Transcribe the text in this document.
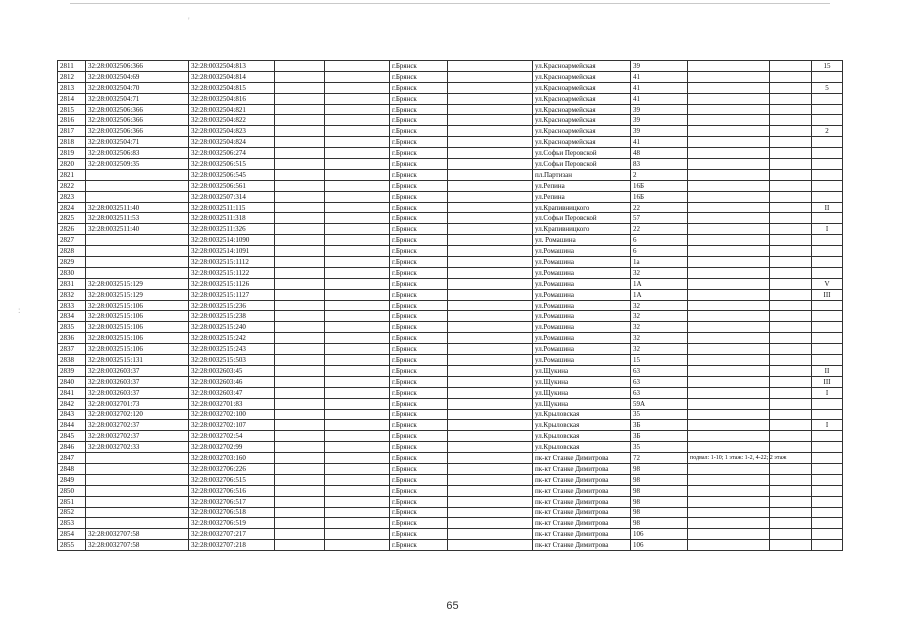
'
:
2811	32:28:0032506:366	32:28:0032504:813			г.Брянск		ул.Красноармейская	39			15
2812	32:28:0032504:69	32:28:0032504:814			г.Брянск		ул.Красноармейская	41			
2813	32:28:0032504:70	32:28:0032504:815			г.Брянск		ул.Красноармейская	41			5
2814	32:28:0032504:71	32:28:0032504:816			г.Брянск		ул.Красноармейская	41			
2815	32:28:0032506:366	32:28:0032504:821			г.Брянск		ул.Красноармейская	39			
2816	32:28:0032506:366	32:28:0032504:822			г.Брянск		ул.Красноармейская	39			
2817	32:28:0032506:366	32:28:0032504:823			г.Брянск		ул.Красноармейская	39			2
2818	32:28:0032504:71	32:28:0032504:824			г.Брянск		ул.Красноармейская	41			
2819	32:28:0032506:83	32:28:0032506:274			г.Брянск		ул.Софьи Перовской	48			
2820	32:28:0032509:35	32:28:0032506:515			г.Брянск		ул.Софьи Перовской	83			
2821		32:28:0032506:545			г.Брянск		пл.Партизан	2			
2822		32:28:0032506:561			г.Брянск		ул.Репина	16Б			
2823		32:28:0032507:314			г.Брянск		ул.Репина	16Б			
2824	32:28:0032511:40	32:28:0032511:115			г.Брянск		ул.Крапивницкого	22			II
2825	32:28:0032511:53	32:28:0032511:318			г.Брянск		ул.Софьи Перовской	57			
2826	32:28:0032511:40	32:28:0032511:326			г.Брянск		ул.Крапивницкого	22			I
2827		32:28:0032514:1090			г.Брянск		ул. Ромашина	6			
2828		32:28:0032514:1091			г.Брянск		ул.Ромашина	6			
2829		32:28:0032515:1112			г.Брянск		ул.Ромашина	1а			
2830		32:28:0032515:1122			г.Брянск		ул.Ромашина	32			
2831	32:28:0032515:129	32:28:0032515:1126			г.Брянск		ул.Ромашина	1А			V
2832	32:28:0032515:129	32:28:0032515:1127			г.Брянск		ул.Ромашина	1А			III
2833	32:28:0032515:106	32:28:0032515:236			г.Брянск		ул.Ромашина	32			
2834	32:28:0032515:106	32:28:0032515:238			г.Брянск		ул.Ромашина	32			
2835	32:28:0032515:106	32:28:0032515:240			г.Брянск		ул.Ромашина	32			
2836	32:28:0032515:106	32:28:0032515:242			г.Брянск		ул.Ромашина	32			
2837	32:28:0032515:106	32:28:0032515:243			г.Брянск		ул.Ромашина	32			
2838	32:28:0032515:131	32:28:0032515:503			г.Брянск		ул.Ромашина	15			
2839	32:28:0032603:37	32:28:0032603:45			г.Брянск		ул.Щукина	63			II
2840	32:28:0032603:37	32:28:0032603:46			г.Брянск		ул.Щукина	63			III
2841	32:28:0032603:37	32:28:0032603:47			г.Брянск		ул.Щукина	63			I
2842	32:28:0032701:73	32:28:0032701:83			г.Брянск		ул.Щукина	59А			
2843	32:28:0032702:120	32:28:0032702:100			г.Брянск		ул.Крыловская	35			
2844	32:28:0032702:37	32:28:0032702:107			г.Брянск		ул.Крыловская	3Б			I
2845	32:28:0032702:37	32:28:0032702:54			г.Брянск		ул.Крыловская	3Б			
2846	32:28:0032702:33	32:28:0032702:99			г.Брянск		ул.Крыловская	35			
2847		32:28:0032703:160			г.Брянск		пк-кт Станке Димитрова	72	подвал: 1-10; 1 этаж: 1-2, 4-22; 2 этаж		
2848		32:28:0032706:226			г.Брянск		пк-кт Станке Димитрова	98			
2849		32:28:0032706:515			г.Брянск		пк-кт Станке Димитрова	98			
2850		32:28:0032706:516			г.Брянск		пк-кт Станке Димитрова	98			
2851		32:28:0032706:517			г.Брянск		пк-кт Станке Димитрова	98			
2852		32:28:0032706:518			г.Брянск		пк-кт Станке Димитрова	98			
2853		32:28:0032706:519			г.Брянск		пк-кт Станке Димитрова	98			
2854	32:28:0032707:58	32:28:0032707:217			г.Брянск		пк-кт Станке Димитрова	106			
2855	32:28:0032707:58	32:28:0032707:218			г.Брянск		пк-кт Станке Димитрова	106			
65
